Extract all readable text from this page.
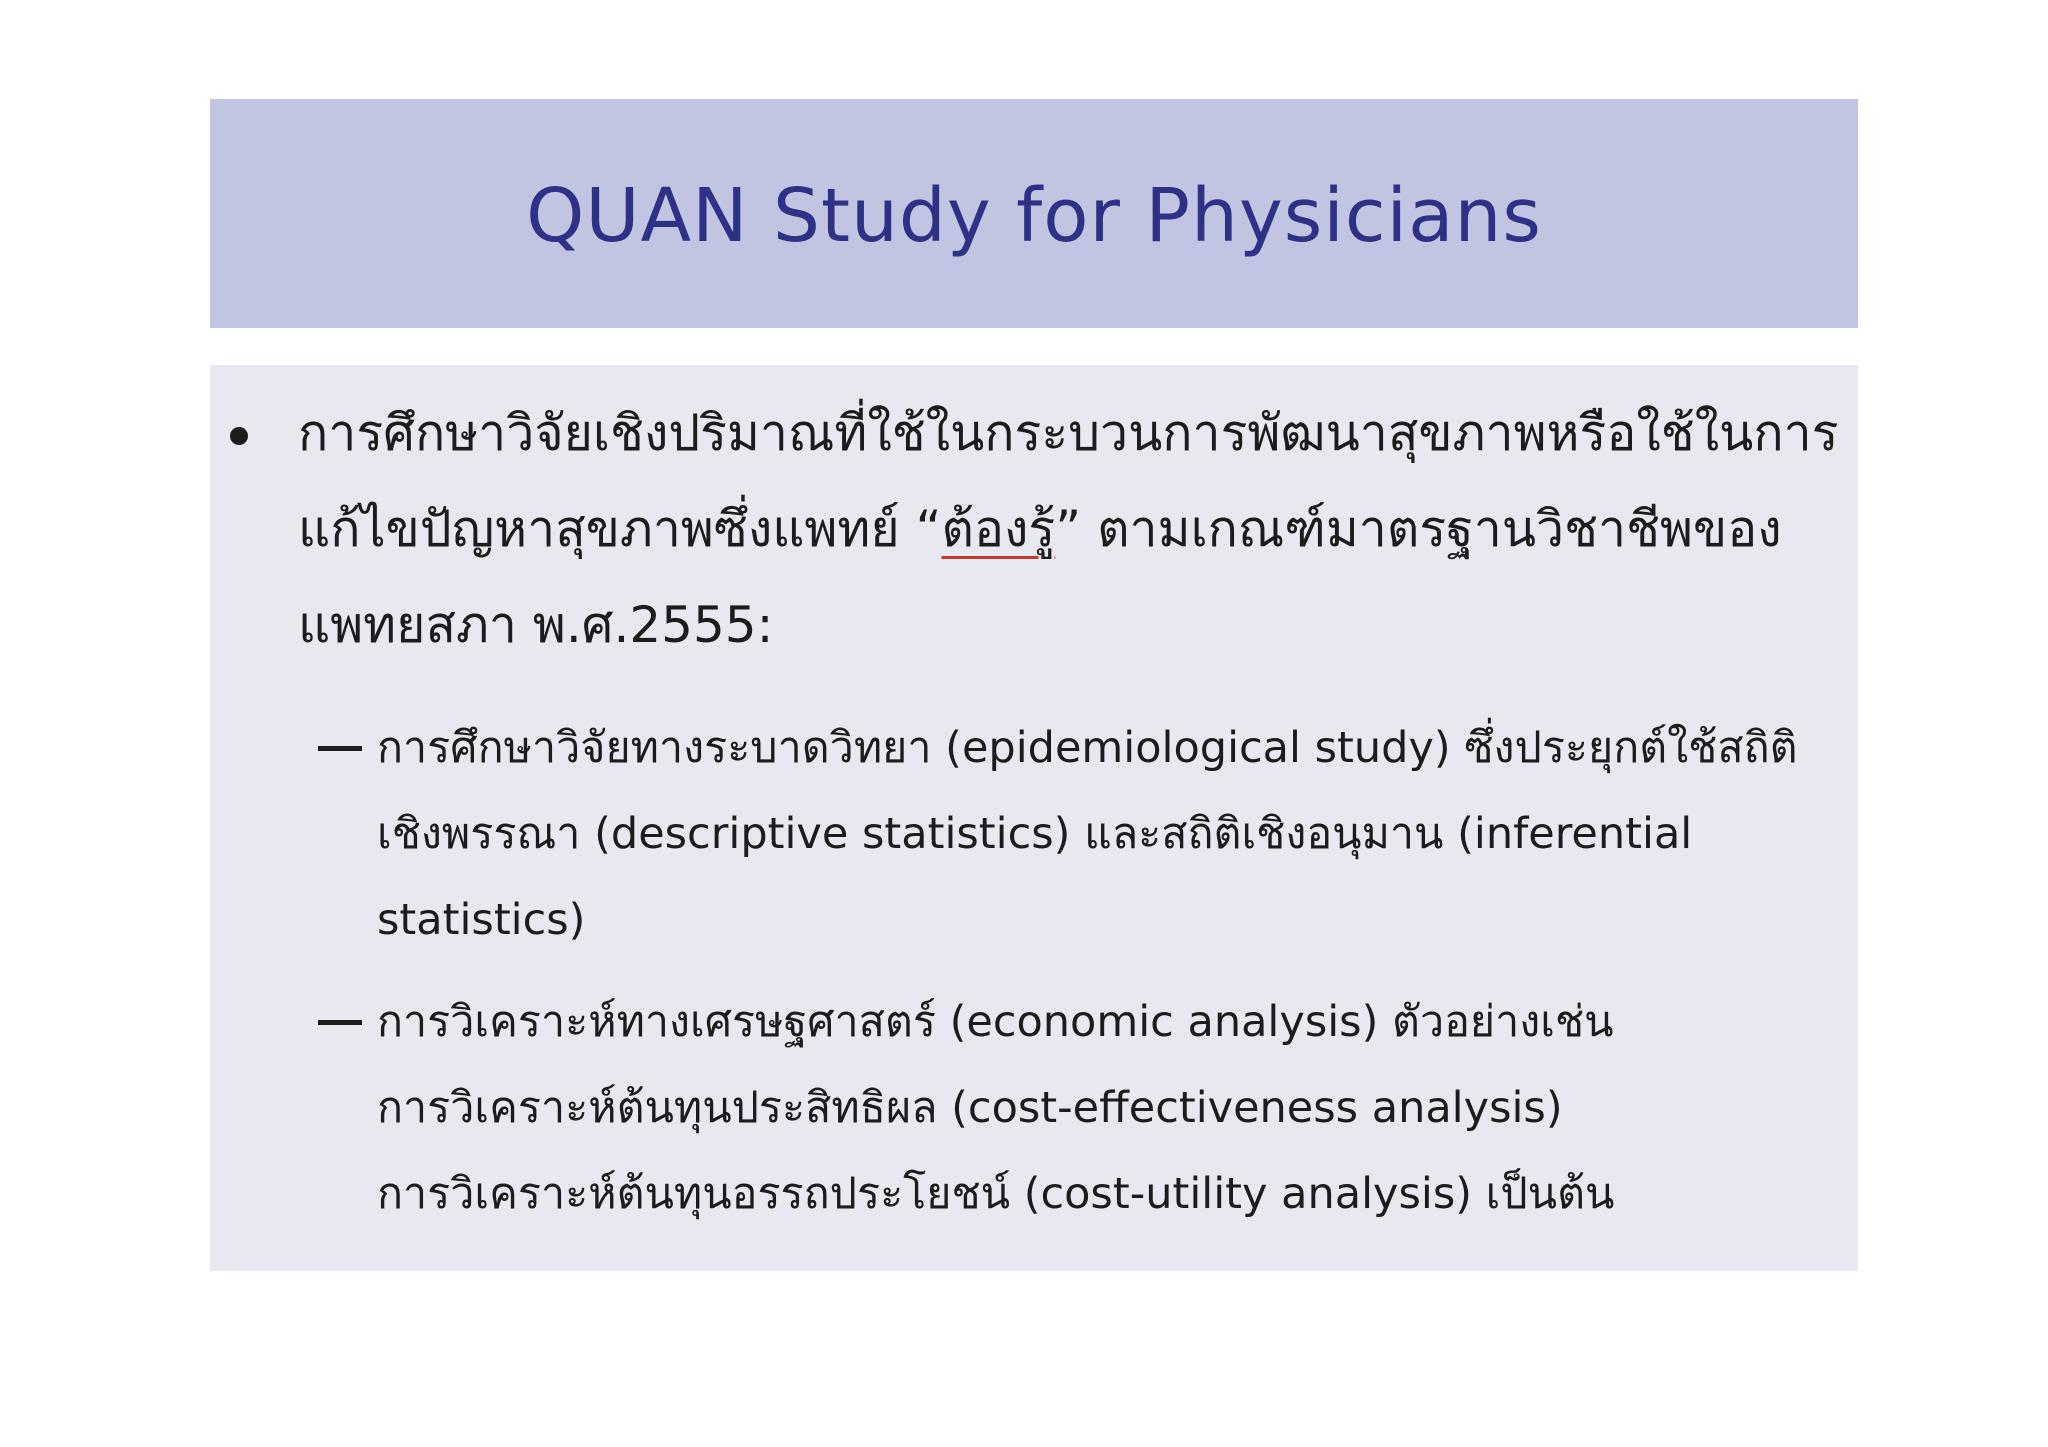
QUAN Study for Physicians
การศึกษาวิจัยเชิงปริมาณที่ใช้ในกระบวนการพัฒนาสุขภาพหรือใช้ในการแก้ไขปัญหาสุขภาพซึ่งแพทย์ “ต้องรู้” ตามเกณฑ์มาตรฐานวิชาชีพของแพทยสภา พ.ศ.2555:
การศึกษาวิจัยทางระบาดวิทยา (epidemiological study) ซึ่งประยุกต์ใช้สถิติเชิงพรรณา (descriptive statistics) และสถิติเชิงอนุมาน (inferential statistics)
การวิเคราะห์ทางเศรษฐศาสตร์ (economic analysis) ตัวอย่างเช่น
การวิเคราะห์ต้นทุนประสิทธิผล (cost-effectiveness analysis)
การวิเคราะห์ต้นทุนอรรถประโยชน์ (cost-utility analysis) เป็นต้น
